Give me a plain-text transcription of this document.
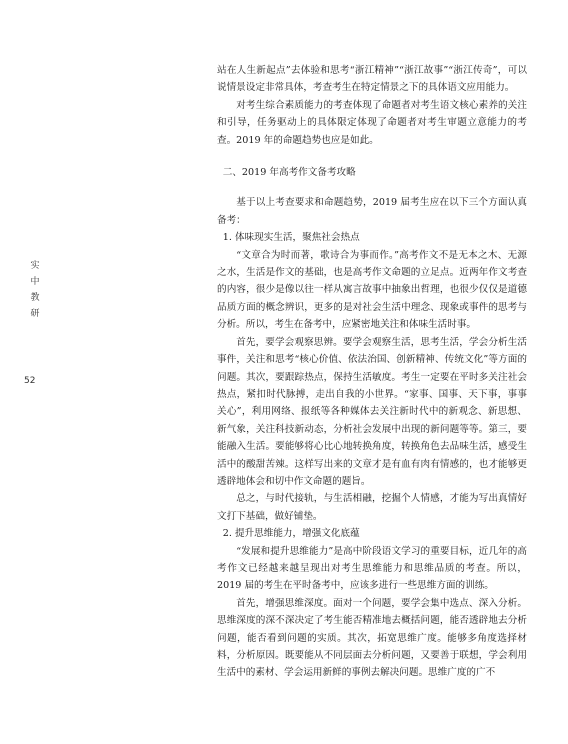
实
中
教
研
52

站在人生新起点”去体验和思考“浙江精神”“浙江故事”“浙江传奇”，可以说情景设定非常具体，考查考生在特定情景之下的具体语文应用能力。

对考生综合素质能力的考查体现了命题者对考生语文核心素养的关注和引导，任务驱动上的具体限定体现了命题者对考生审题立意能力的考查。2019 年的命题趋势也应是如此。

二、2019 年高考作文备考攻略

基于以上考查要求和命题趋势，2019 届考生应在以下三个方面认真备考：

1. 体味现实生活，聚焦社会热点

“文章合为时而著，歌诗合为事而作。”高考作文不是无本之木、无源之水，生活是作文的基础，也是高考作文命题的立足点。近两年作文考查的内容，很少是像以往一样从寓言故事中抽象出哲理，也很少仅仅是道德品质方面的概念辨识，更多的是对社会生活中理念、现象或事件的思考与分析。所以，考生在备考中，应紧密地关注和体味生活时事。

首先，要学会观察思辨。要学会观察生活，思考生活，学会分析生活事件，关注和思考“核心价值、依法治国、创新精神、传统文化”等方面的问题。其次，要跟踪热点，保持生活敏度。考生一定要在平时多关注社会热点，紧扣时代脉搏，走出自我的小世界。“家事、国事、天下事，事事关心”，利用网络、报纸等各种媒体去关注新时代中的新观念、新思想、新气象，关注科技新动态，分析社会发展中出现的新问题等等。第三，要能融入生活。要能够将心比心地转换角度，转换角色去品味生活，感受生活中的酸甜苦辣。这样写出来的文章才是有血有肉有情感的，也才能够更透辟地体会和切中作文命题的题旨。

总之，与时代接轨，与生活相融，挖掘个人情感，才能为写出真情好文打下基础，做好铺垫。

2. 提升思维能力，增强文化底蕴

“发展和提升思维能力”是高中阶段语文学习的重要目标，近几年的高考作文已经越来越呈现出对考生思维能力和思维品质的考查。所以，2019 届的考生在平时备考中，应该多进行一些思维方面的训练。

首先，增强思维深度。面对一个问题，要学会集中选点、深入分析。思维深度的深不深决定了考生能否精准地去概括问题，能否透辟地去分析问题，能否看到问题的实质。其次，拓宽思维广度。能够多角度选择材料，分析原因。既要能从不同层面去分析问题，又要善于联想，学会利用生活中的素材、学会运用新鲜的事例去解决问题。思维广度的广不
